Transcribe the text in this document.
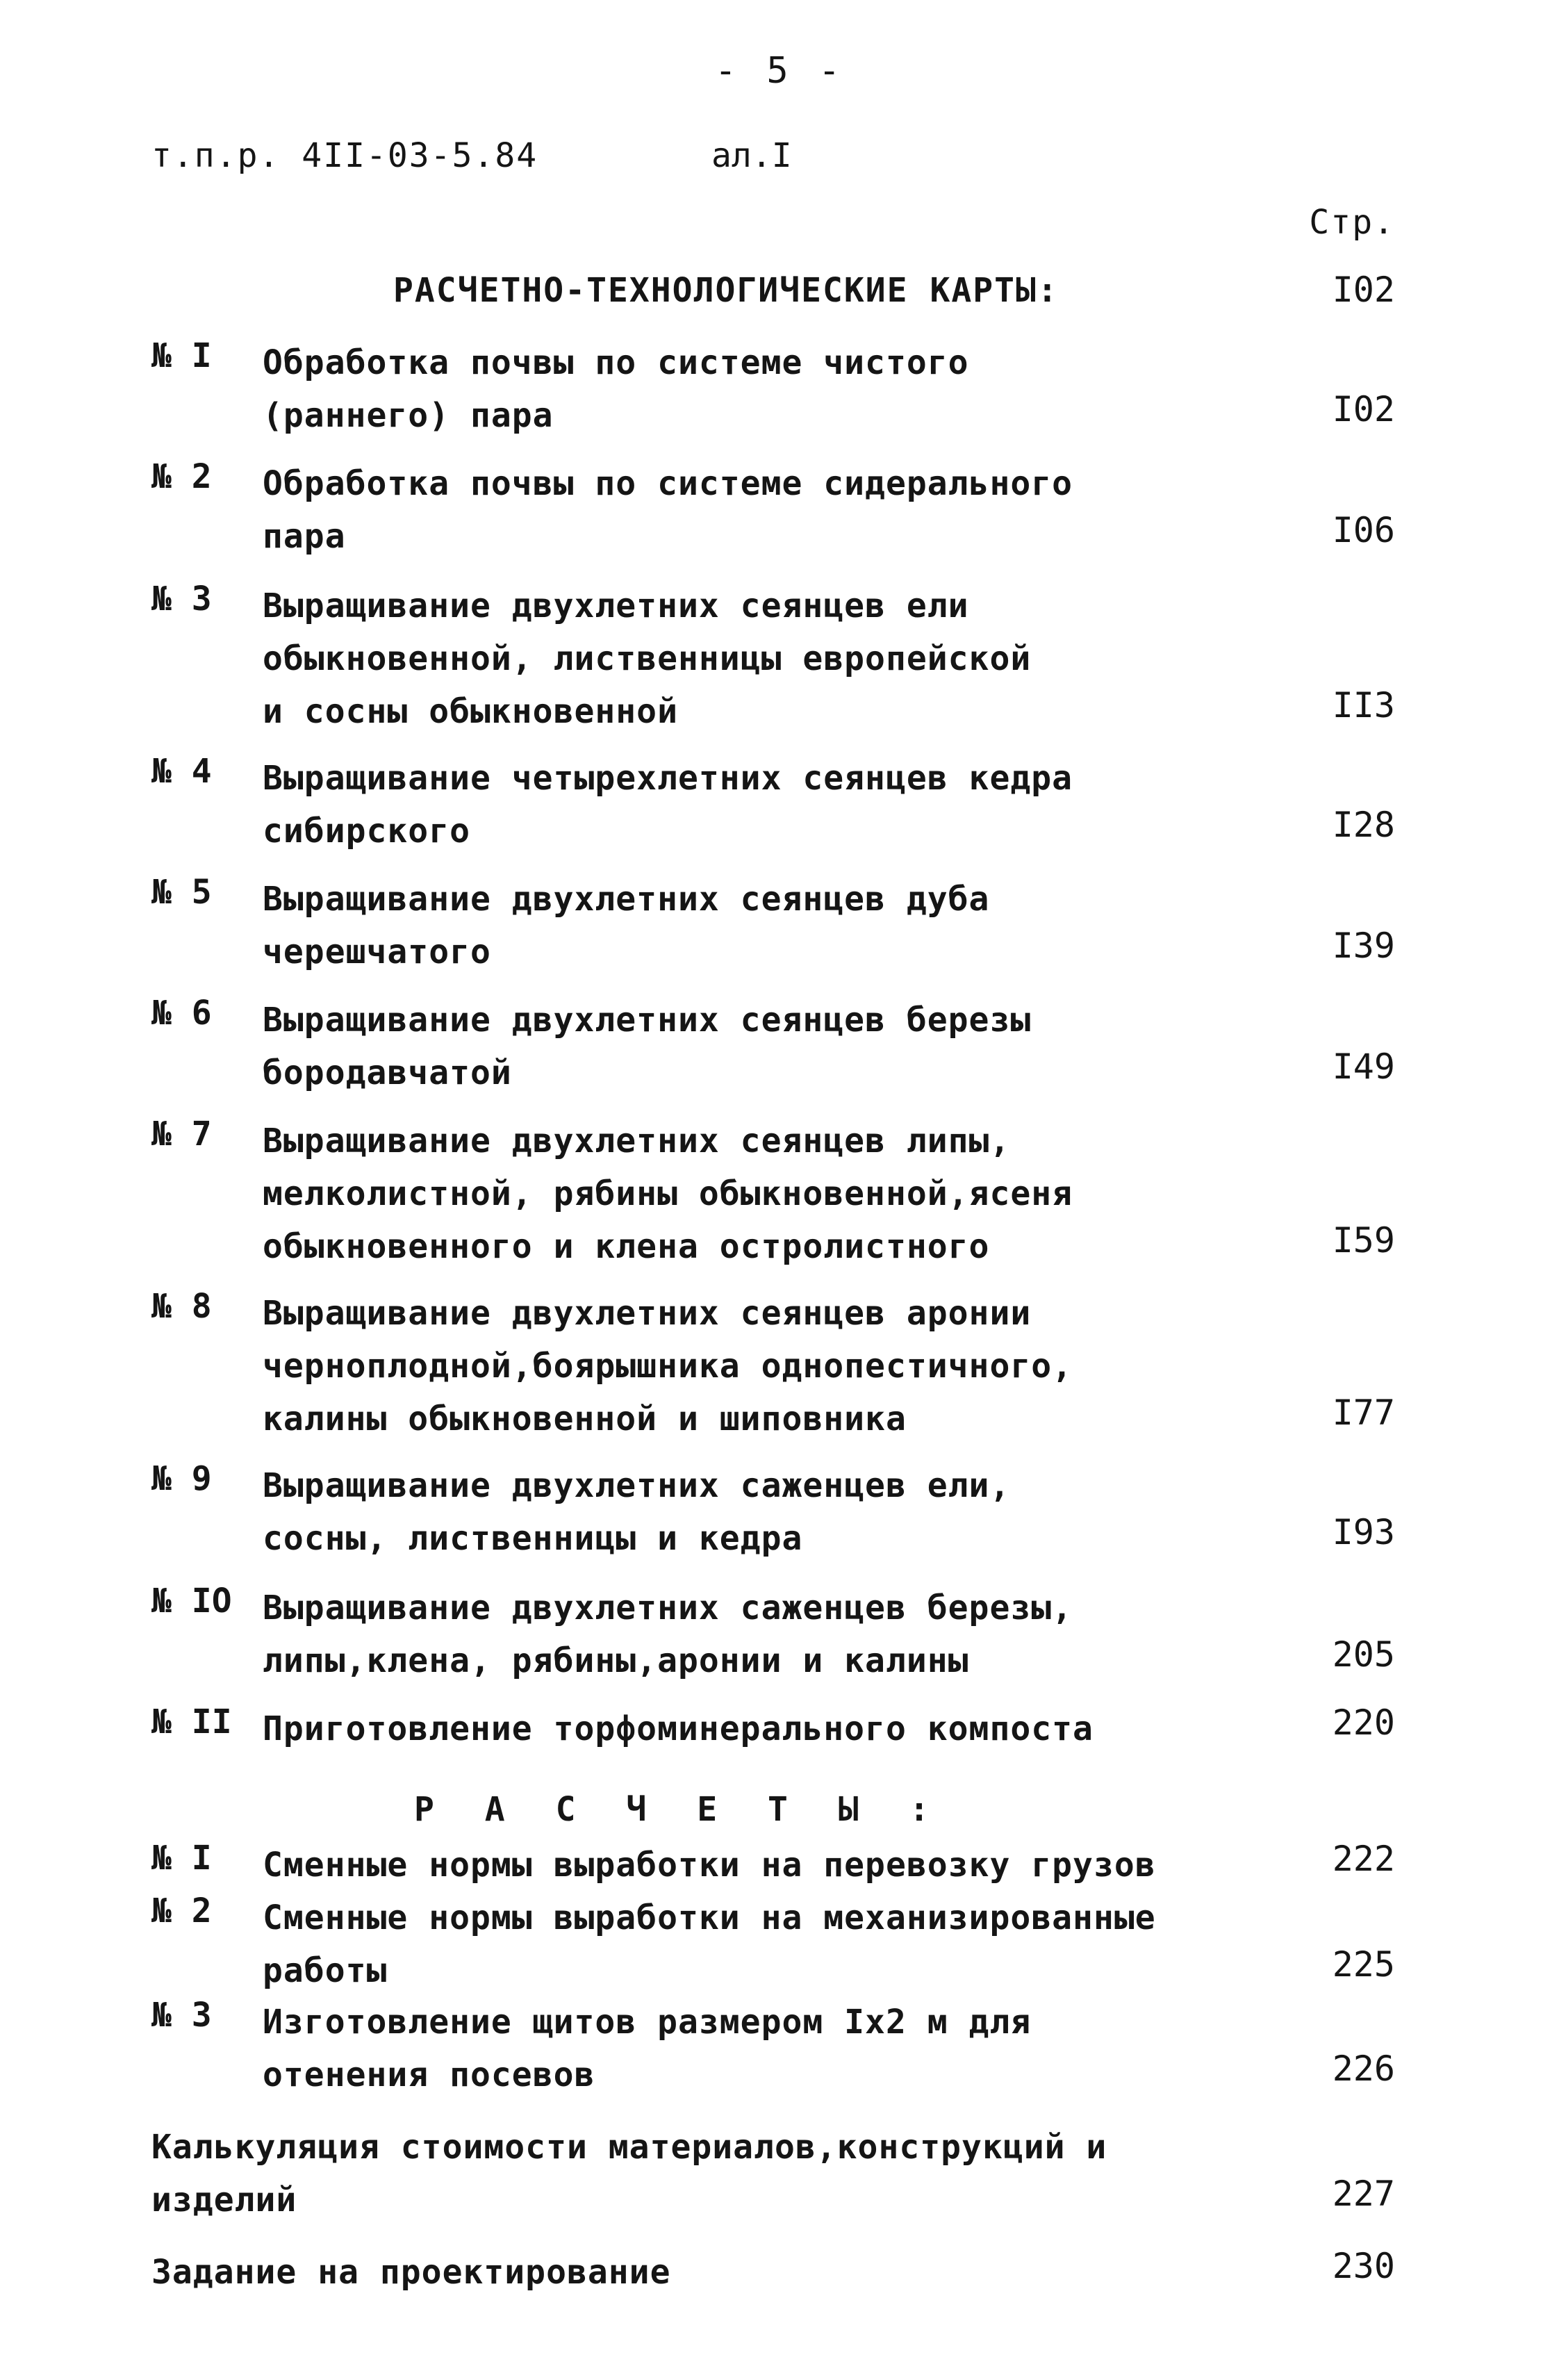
- 5 -
т.п.р. 4II-03-5.84	ал.I
Стр.
РАСЧЕТНО-ТЕХНОЛОГИЧЕСКИЕ КАРТЫ:	I02
№ I Обработка почвы по системе чистого
(раннего) пара	I02
№ 2 Обработка почвы по системе сидерального
пара	I06
№ 3 Выращивание двухлетних сеянцев ели
обыкновенной, лиственницы европейской
и сосны обыкновенной	II3
№ 4 Выращивание четырехлетних сеянцев кедра
сибирского	I28
№ 5 Выращивание двухлетних сеянцев дуба
черешчатого	I39
№ 6 Выращивание двухлетних сеянцев березы
бородавчатой	I49
№ 7 Выращивание двухлетних сеянцев липы,
мелколистной, рябины обыкновенной,ясеня
обыкновенного и клена остролистного	I59
№ 8 Выращивание двухлетних сеянцев аронии
черноплодной,боярышника однопестичного,
калины обыкновенной и шиповника	I77
№ 9 Выращивание двухлетних саженцев ели,
сосны, лиственницы и кедра	I93
№ IO Выращивание двухлетних саженцев березы,
липы,клена, рябины,аронии и калины	205
№ II Приготовление торфоминерального компоста	220
Р А С Ч Е Т Ы :
№ I Сменные нормы выработки на перевозку грузов	222
№ 2 Сменные нормы выработки на механизированные
работы	225
№ 3 Изготовление щитов размером Iх2 м для
отенения посевов	226
Калькуляция стоимости материалов,конструкций и
изделий	227
Задание на проектирование	230
